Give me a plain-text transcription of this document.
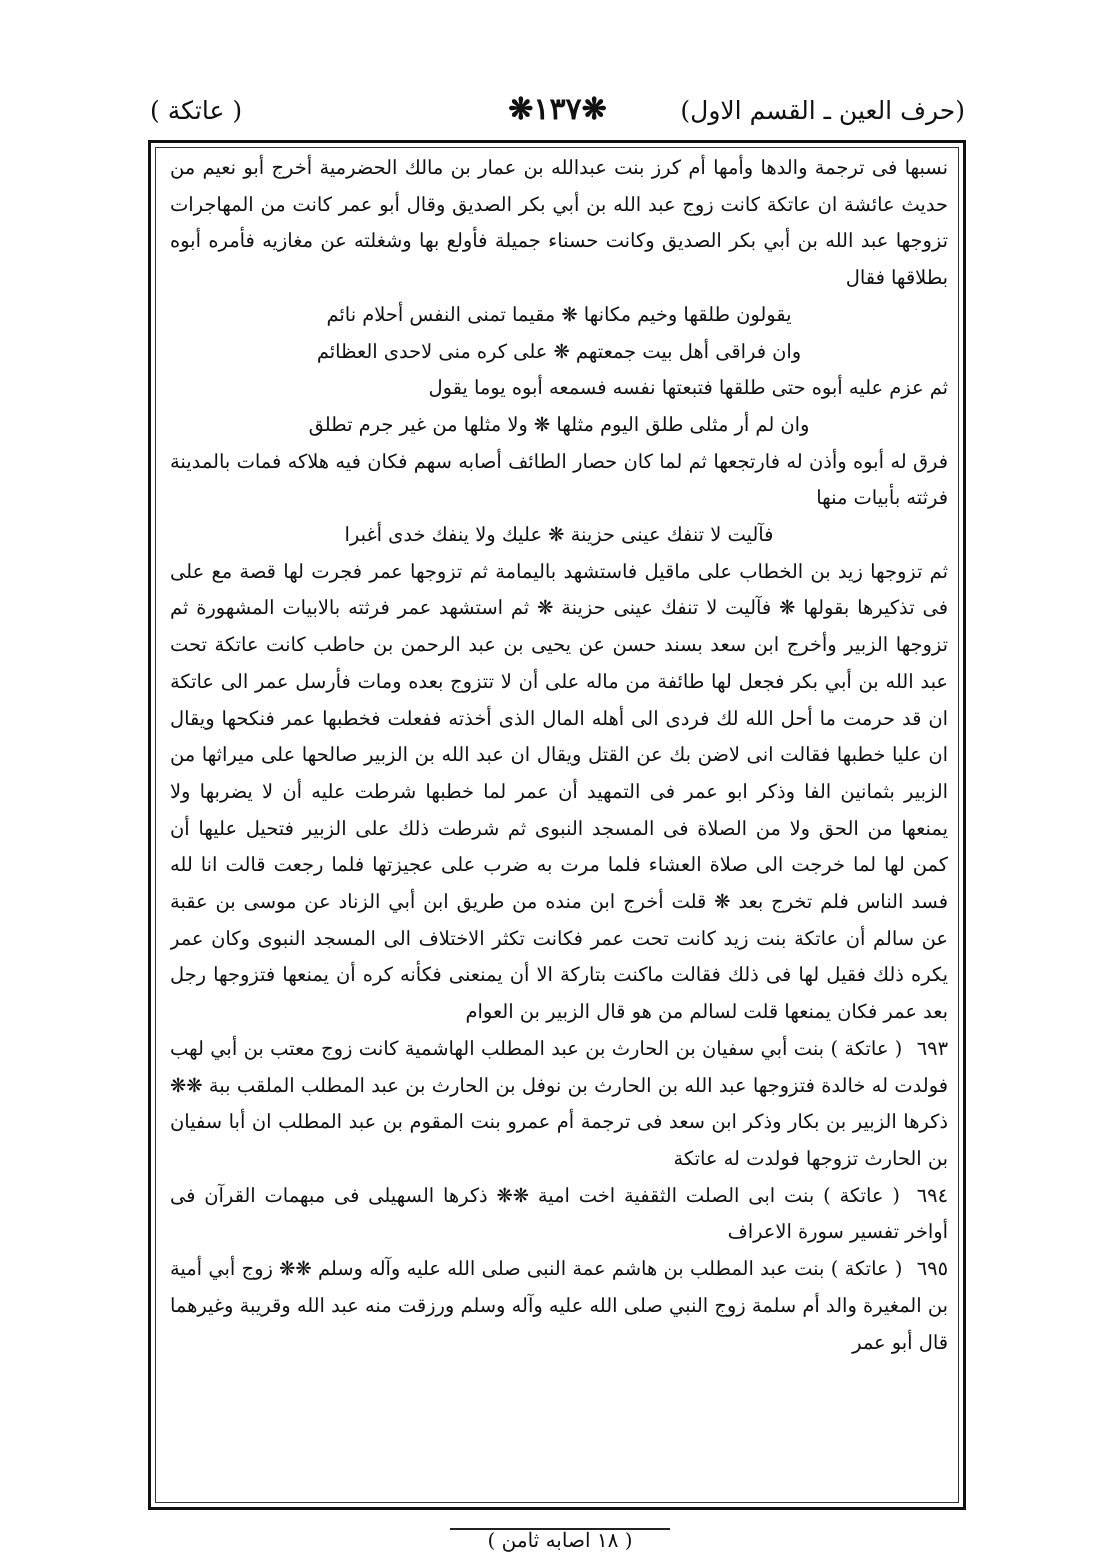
(حرف العين ـ القسم الاول)
❋١٣٧❋
( عاتكة )

نسبها فى ترجمة والدها وأمها أم كرز بنت عبدالله بن عمار بن مالك الحضرمية أخرج أبو نعيم من حديث عائشة ان عاتكة كانت زوج عبد الله بن أبي بكر الصديق وقال أبو عمر كانت من المهاجرات تزوجها عبد الله بن أبي بكر الصديق وكانت حسناء جميلة فأولع بها وشغلته عن مغازيه فأمره أبوه بطلاقها فقال

يقولون طلقها وخيم مكانها ❋ مقيما تمنى النفس أحلام نائم

وان فراقى أهل بيت جمعتهم ❋ على كره منى لاحدى العظائم

ثم عزم عليه أبوه حتى طلقها فتبعتها نفسه فسمعه أبوه يوما يقول

وان لم أر مثلى طلق اليوم مثلها ❋ ولا مثلها من غير جرم تطلق

فرق له أبوه وأذن له فارتجعها ثم لما كان حصار الطائف أصابه سهم فكان فيه هلاكه فمات بالمدينة فرثته بأبيات منها

فآليت لا تنفك عينى حزينة ❋ عليك ولا ينفك خدى أغبرا

ثم تزوجها زيد بن الخطاب على ماقيل فاستشهد باليمامة ثم تزوجها عمر فجرت لها قصة مع على فى تذكيرها بقولها ❋ فآليت لا تنفك عينى حزينة ❋ ثم استشهد عمر فرثته بالابيات المشهورة ثم تزوجها الزبير وأخرج ابن سعد بسند حسن عن يحيى بن عبد الرحمن بن حاطب كانت عاتكة تحت عبد الله بن أبي بكر فجعل لها طائفة من ماله على أن لا تتزوج بعده ومات فأرسل عمر الى عاتكة ان قد حرمت ما أحل الله لك فردى الى أهله المال الذى أخذته ففعلت فخطبها عمر فنكحها ويقال ان عليا خطبها فقالت انى لاضن بك عن القتل ويقال ان عبد الله بن الزبير صالحها على ميراثها من الزبير بثمانين الفا وذكر ابو عمر فى التمهيد أن عمر لما خطبها شرطت عليه أن لا يضربها ولا يمنعها من الحق ولا من الصلاة فى المسجد النبوى ثم شرطت ذلك على الزبير فتحيل عليها أن كمن لها لما خرجت الى صلاة العشاء فلما مرت به ضرب على عجيزتها فلما رجعت قالت انا لله فسد الناس فلم تخرج بعد ❋ قلت أخرج ابن منده من طريق ابن أبي الزناد عن موسى بن عقبة عن سالم أن عاتكة بنت زيد كانت تحت عمر فكانت تكثر الاختلاف الى المسجد النبوى وكان عمر يكره ذلك فقيل لها فى ذلك فقالت ماكنت بتاركة الا أن يمنعنى فكأنه كره أن يمنعها فتزوجها رجل بعد عمر فكان يمنعها قلت لسالم من هو قال الزبير بن العوام

٦٩٣ ( عاتكة ) بنت أبي سفيان بن الحارث بن عبد المطلب الهاشمية كانت زوج معتب بن أبي لهب فولدت له خالدة فتزوجها عبد الله بن الحارث بن نوفل بن الحارث بن عبد المطلب الملقب ببة ❋❋ ذكرها الزبير بن بكار وذكر ابن سعد فى ترجمة أم عمرو بنت المقوم بن عبد المطلب ان أبا سفيان بن الحارث تزوجها فولدت له عاتكة

٦٩٤ ( عاتكة ) بنت ابى الصلت الثقفية اخت امية ❋❋ ذكرها السهيلى فى مبهمات القرآن فى أواخر تفسير سورة الاعراف

٦٩٥ ( عاتكة ) بنت عبد المطلب بن هاشم عمة النبى صلى الله عليه وآله وسلم ❋❋ زوج أبي أمية بن المغيرة والد أم سلمة زوج النبي صلى الله عليه وآله وسلم ورزقت منه عبد الله وقريبة وغيرهما قال أبو عمر

( ١٨ اصابه ثامن )
